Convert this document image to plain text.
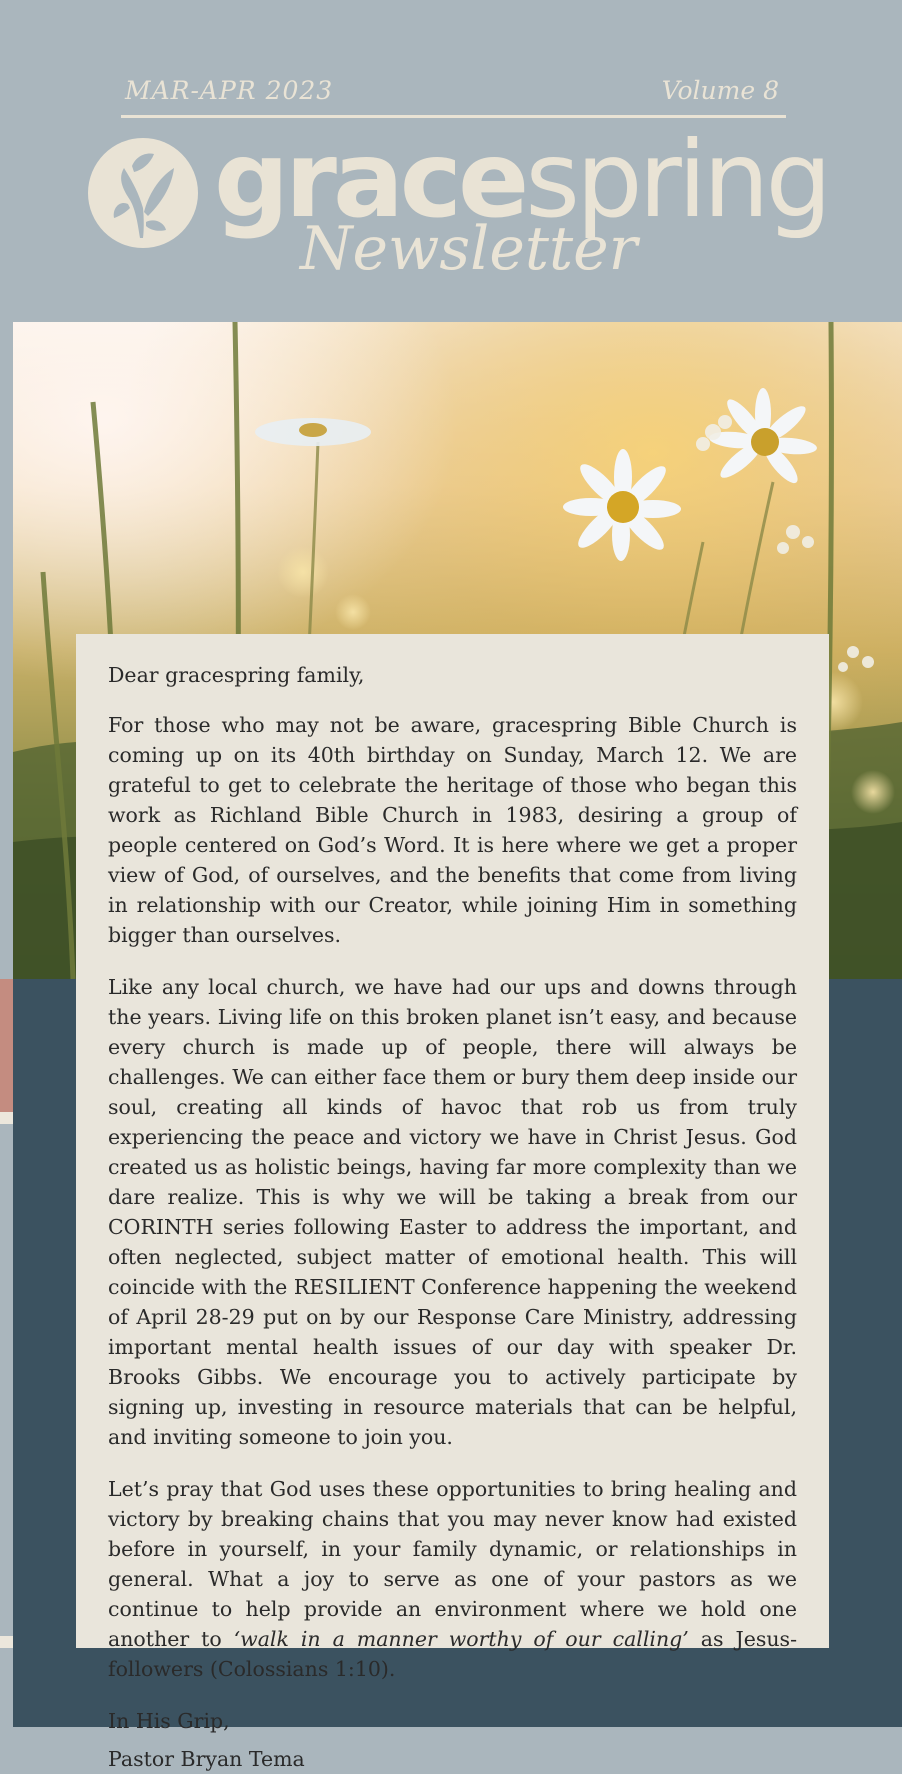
MAR-APR 2023	Volume 8
gracespring
Newsletter

Dear gracespring family,

For those who may not be aware, gracespring Bible Church is coming up on its 40th birthday on Sunday, March 12. We are grateful to get to celebrate the heritage of those who began this work as Richland Bible Church in 1983, desiring a group of people centered on God’s Word. It is here where we get a proper view of God, of ourselves, and the benefits that come from living in relationship with our Creator, while joining Him in something bigger than ourselves.

Like any local church, we have had our ups and downs through the years. Living life on this broken planet isn’t easy, and because every church is made up of people, there will always be challenges. We can either face them or bury them deep inside our soul, creating all kinds of havoc that rob us from truly experiencing the peace and victory we have in Christ Jesus. God created us as holistic beings, having far more complexity than we dare realize. This is why we will be taking a break from our CORINTH series following Easter to address the important, and often neglected, subject matter of emotional health. This will coincide with the RESILIENT Conference happening the weekend of April 28-29 put on by our Response Care Ministry, addressing important mental health issues of our day with speaker Dr. Brooks Gibbs. We encourage you to actively participate by signing up, investing in resource materials that can be helpful, and inviting someone to join you.

Let’s pray that God uses these opportunities to bring healing and victory by breaking chains that you may never know had existed before in yourself, in your family dynamic, or relationships in general. What a joy to serve as one of your pastors as we continue to help provide an environment where we hold one another to ‘walk in a manner worthy of our calling’ as Jesus-followers (Colossians 1:10).

In His Grip,

Pastor Bryan Tema
